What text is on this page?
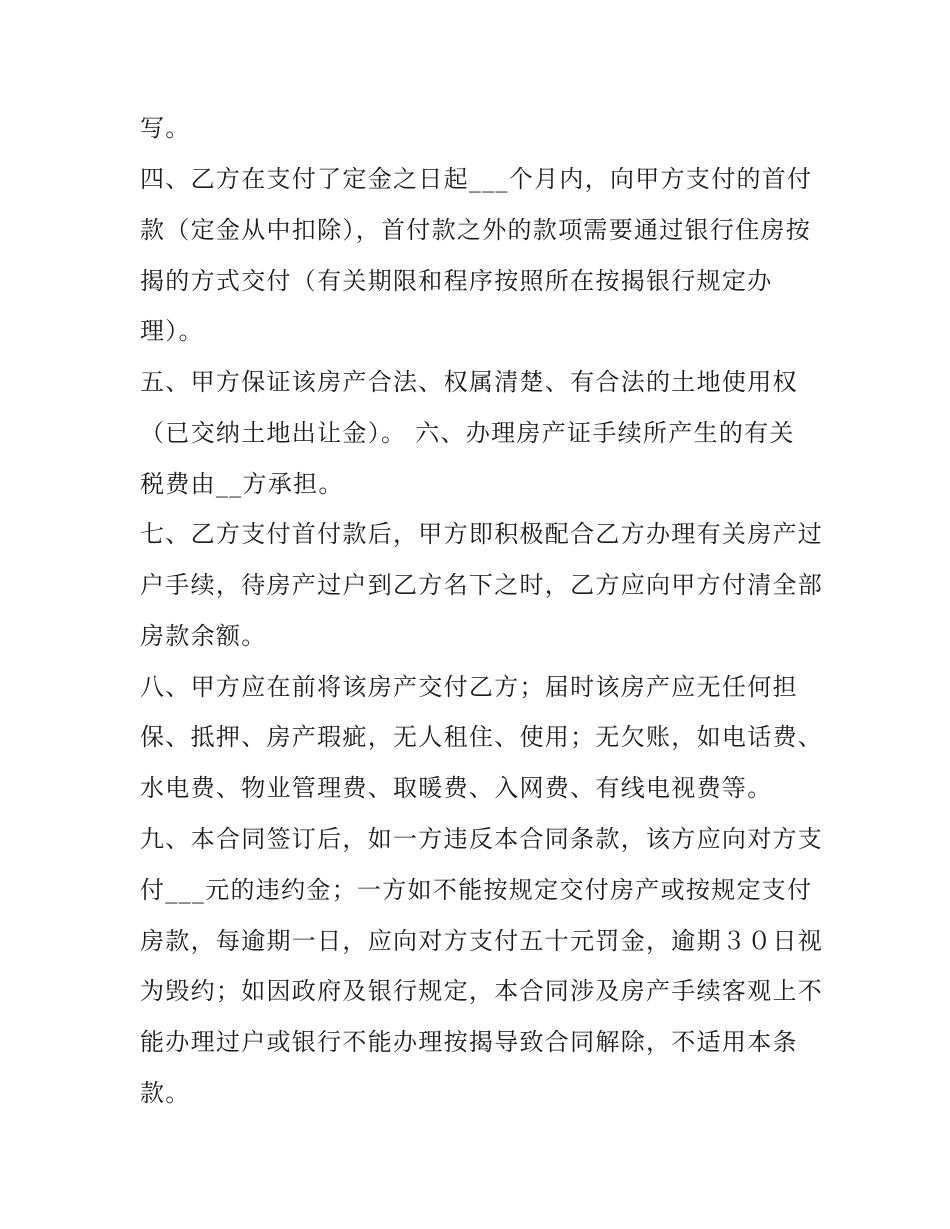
写。
四、乙方在支付了定金之日起___个月内，向甲方支付的首付
款（定金从中扣除），首付款之外的款项需要通过银行住房按
揭的方式交付（有关期限和程序按照所在按揭银行规定办
理）。
五、甲方保证该房产合法、权属清楚、有合法的土地使用权
（已交纳土地出让金）。 六、办理房产证手续所产生的有关
税费由__方承担。
七、乙方支付首付款后，甲方即积极配合乙方办理有关房产过
户手续，待房产过户到乙方名下之时，乙方应向甲方付清全部
房款余额。
八、甲方应在前将该房产交付乙方；届时该房产应无任何担
保、抵押、房产瑕疵，无人租住、使用；无欠账，如电话费、
水电费、物业管理费、取暖费、入网费、有线电视费等。
九、本合同签订后，如一方违反本合同条款，该方应向对方支
付___元的违约金；一方如不能按规定交付房产或按规定支付
房款，每逾期一日，应向对方支付五十元罚金，逾期３０日视
为毁约；如因政府及银行规定，本合同涉及房产手续客观上不
能办理过户或银行不能办理按揭导致合同解除，不适用本条
款。
